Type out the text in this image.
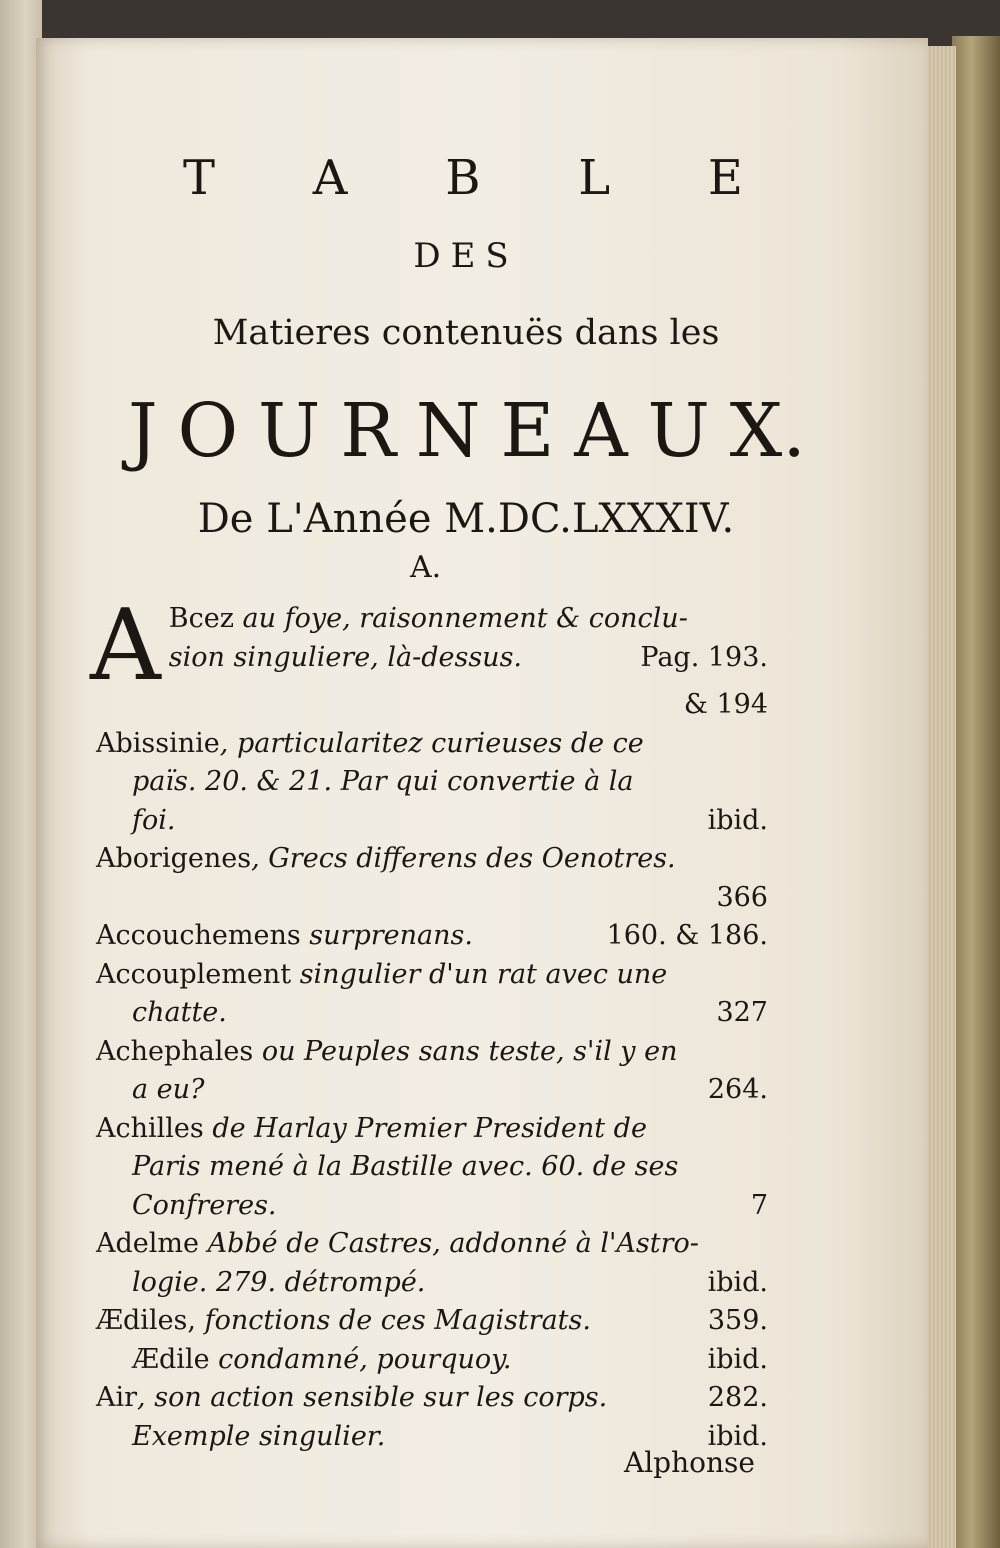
T A B L E
DES
Matieres contenuës dans les
J O U R N E A U X.
De L'Année M.DC.LXXXIV.
A.
A Bcez au foye, raisonnement & conclu-
sion singuliere, là-dessus.	Pag. 193.
& 194
Abissinie, particularitez curieuses de ce
païs. 20. & 21. Par qui convertie à la
foi.	ibid.
Aborigenes, Grecs differens des Oenotres.
366
Accouchemens surprenans.	160. & 186.
Accouplement singulier d'un rat avec une
chatte.	327
Achephales ou Peuples sans teste, s'il y en
a eu?	264.
Achilles de Harlay Premier President de
Paris mené à la Bastille avec. 60. de ses
Confreres.	7
Adelme Abbé de Castres, addonné à l'Astro-
logie. 279. détrompé.	ibid.
Ædiles, fonctions de ces Magistrats.	359.
Ædile condamné, pourquoy.	ibid.
Air, son action sensible sur les corps.	282.
Exemple singulier.	ibid.
Alphonse
